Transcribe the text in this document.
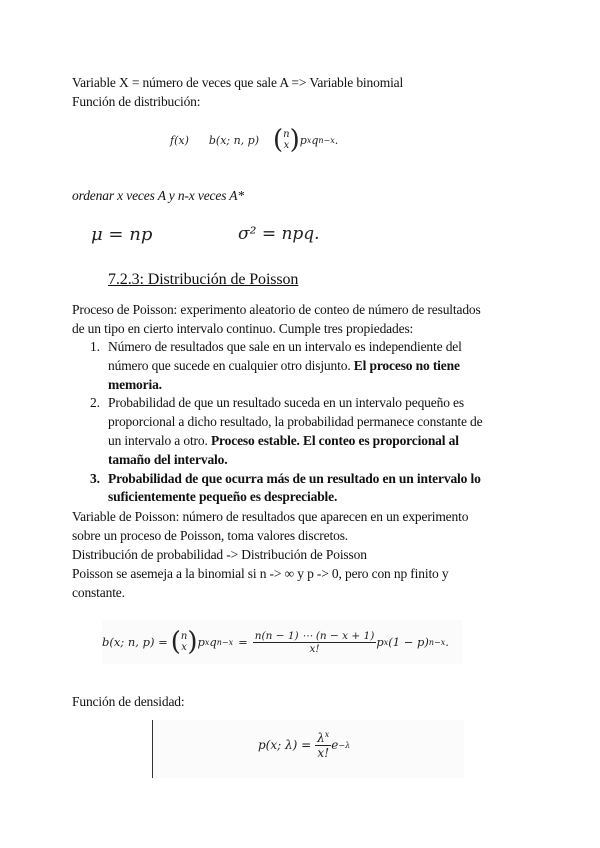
Variable X = número de veces que sale A => Variable binomial
Función de distribución:
f(x) b(x; n, p) ( n
x ) p x q n−x .
ordenar x veces A y n-x veces A*
μ = np	σ² = npq.
7.2.3: Distribución de Poisson
Proceso de Poisson: experimento aleatorio de conteo de número de resultados
de un tipo en cierto intervalo continuo. Cumple tres propiedades:
1. Número de resultados que sale en un intervalo es independiente del
número que sucede en cualquier otro disjunto. El proceso no tiene
memoria.
2. Probabilidad de que un resultado suceda en un intervalo pequeño es
proporcional a dicho resultado, la probabilidad permanece constante de
un intervalo a otro. Proceso estable. El conteo es proporcional al
tamaño del intervalo.
3. Probabilidad de que ocurra más de un resultado en un intervalo lo
suficientemente pequeño es despreciable.
Variable de Poisson: número de resultados que aparecen en un experimento
sobre un proceso de Poisson, toma valores discretos.
Distribución de probabilidad -> Distribución de Poisson
Poisson se asemeja a la binomial si n -> ∞ y p -> 0, pero con np finito y
constante.
b(x; n, p) = ( n
x ) p x q $n-x = \frac{n(n - 1) \cdots (n - x + 1)}{x!}$ p x (1 − p) n−x .
Función de densidad:
p(x; $\lambda) = \frac{\lambda^x}{x!}$ e −λ
